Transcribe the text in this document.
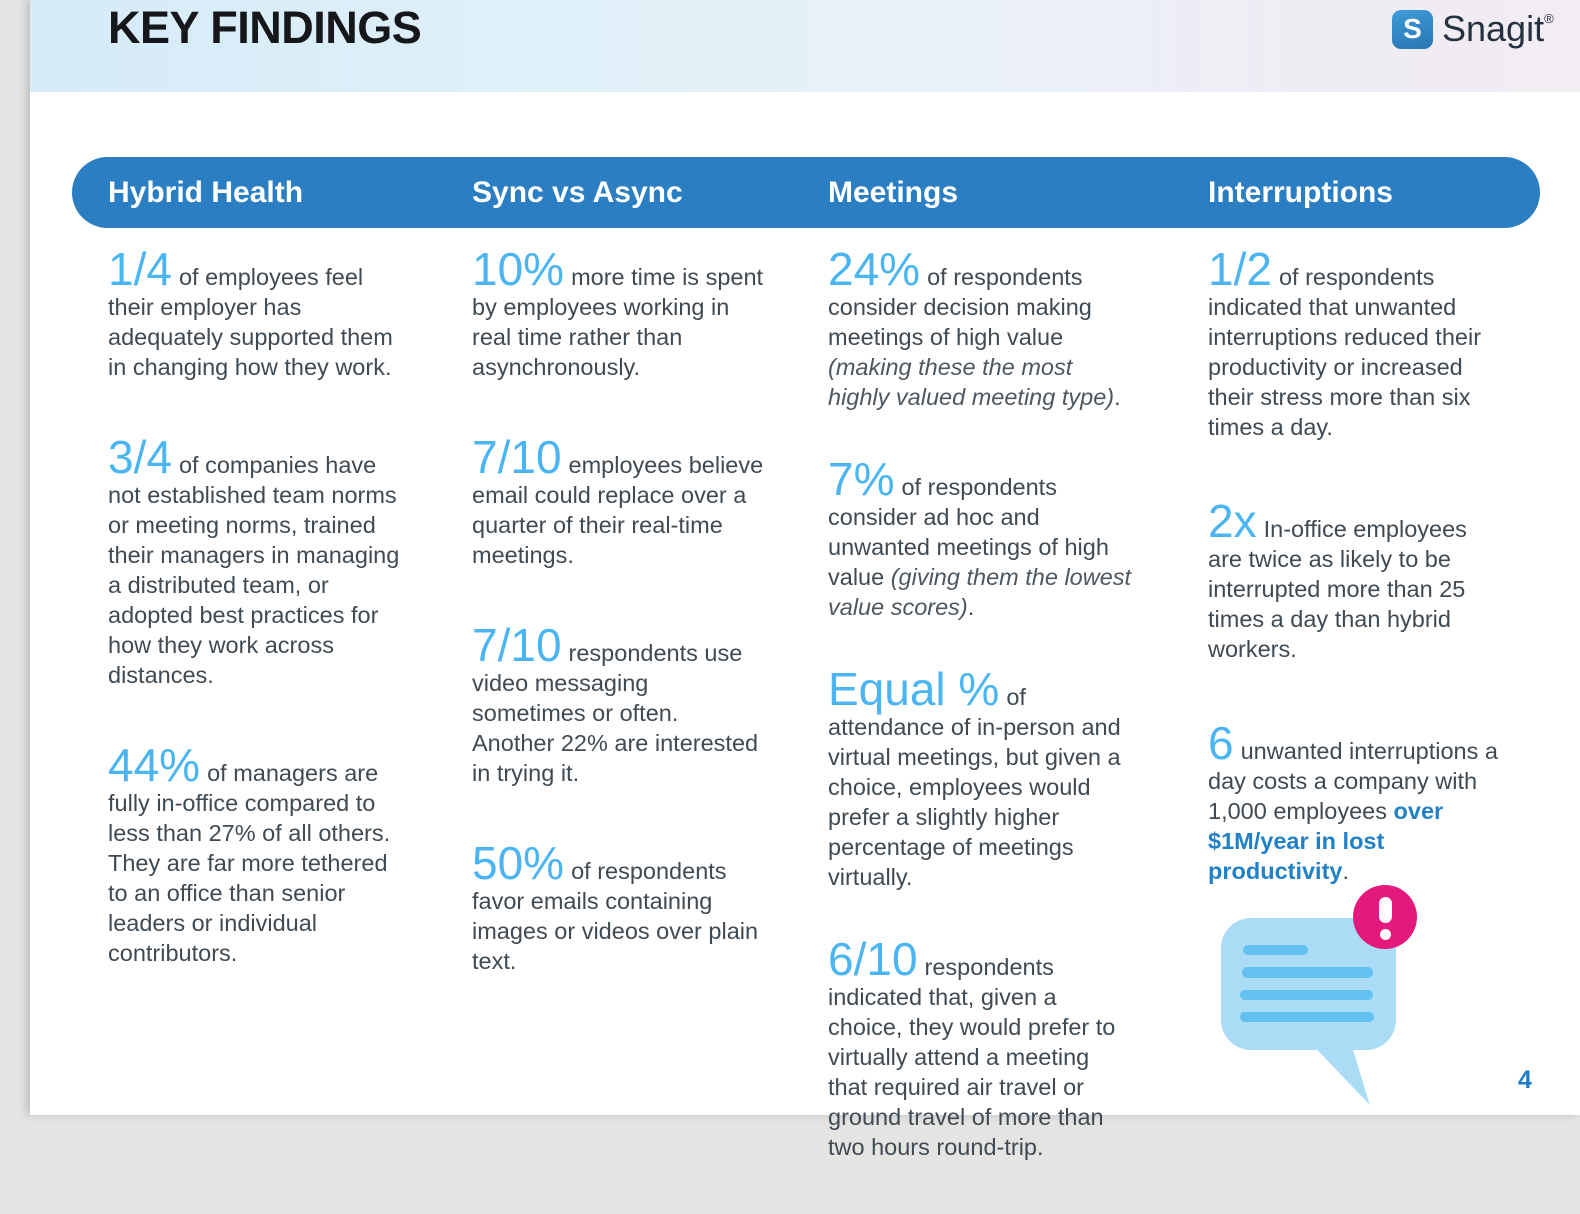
KEY FINDINGS	S Snagit®
Hybrid Health	Sync vs Async	Meetings	Interruptions

1/4 of employees feel their employer has adequately supported them in changing how they work.

3/4 of companies have not established team norms or meeting norms, trained their managers in managing a distributed team, or adopted best practices for how they work across distances.

44% of managers are fully in-office compared to less than 27% of all others. They are far more tethered to an office than senior leaders or individual contributors.

10% more time is spent by employees working in real time rather than asynchronously.

7/10 employees believe email could replace over a quarter of their real-time meetings.

7/10 respondents use video messaging sometimes or often. Another 22% are interested in trying it.

50% of respondents favor emails containing images or videos over plain text.

24% of respondents consider decision making meetings of high value (making these the most highly valued meeting type).

7% of respondents consider ad hoc and unwanted meetings of high value (giving them the lowest value scores).

Equal % of attendance of in-person and virtual meetings, but given a choice, employees would prefer a slightly higher percentage of meetings virtually.

6/10 respondents indicated that, given a choice, they would prefer to virtually attend a meeting that required air travel or ground travel of more than two hours round-trip.

1/2 of respondents indicated that unwanted interruptions reduced their productivity or increased their stress more than six times a day.

2x In-office employees are twice as likely to be interrupted more than 25 times a day than hybrid workers.

6 unwanted interruptions a day costs a company with 1,000 employees over $1M/year in lost productivity.

4
